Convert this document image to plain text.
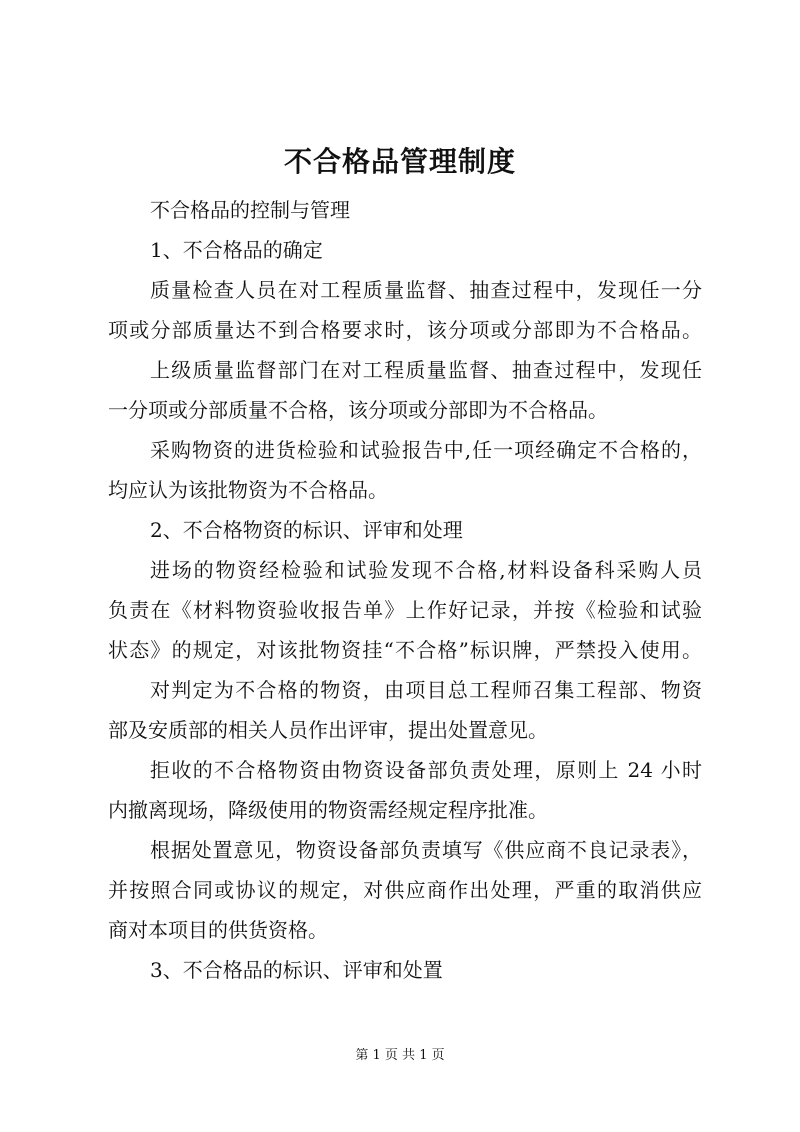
不合格品管理制度
不合格品的控制与管理
1、不合格品的确定
质量检查人员在对工程质量监督、抽查过程中，发现任一分
项或分部质量达不到合格要求时，该分项或分部即为不合格品。
上级质量监督部门在对工程质量监督、抽查过程中，发现任
一分项或分部质量不合格，该分项或分部即为不合格品。
采购物资的进货检验和试验报告中,任一项经确定不合格的，
均应认为该批物资为不合格品。
2、不合格物资的标识、评审和处理
进场的物资经检验和试验发现不合格,材料设备科采购人员
负责在《材料物资验收报告单》上作好记录，并按《检验和试验
状态》的规定，对该批物资挂“不合格”标识牌，严禁投入使用。
对判定为不合格的物资，由项目总工程师召集工程部、物资
部及安质部的相关人员作出评审，提出处置意见。
拒收的不合格物资由物资设备部负责处理，原则上 24 小时
内撤离现场，降级使用的物资需经规定程序批准。
根据处置意见，物资设备部负责填写《供应商不良记录表》，
并按照合同或协议的规定，对供应商作出处理，严重的取消供应
商对本项目的供货资格。
3、不合格品的标识、评审和处置
第 1 页 共 1 页
